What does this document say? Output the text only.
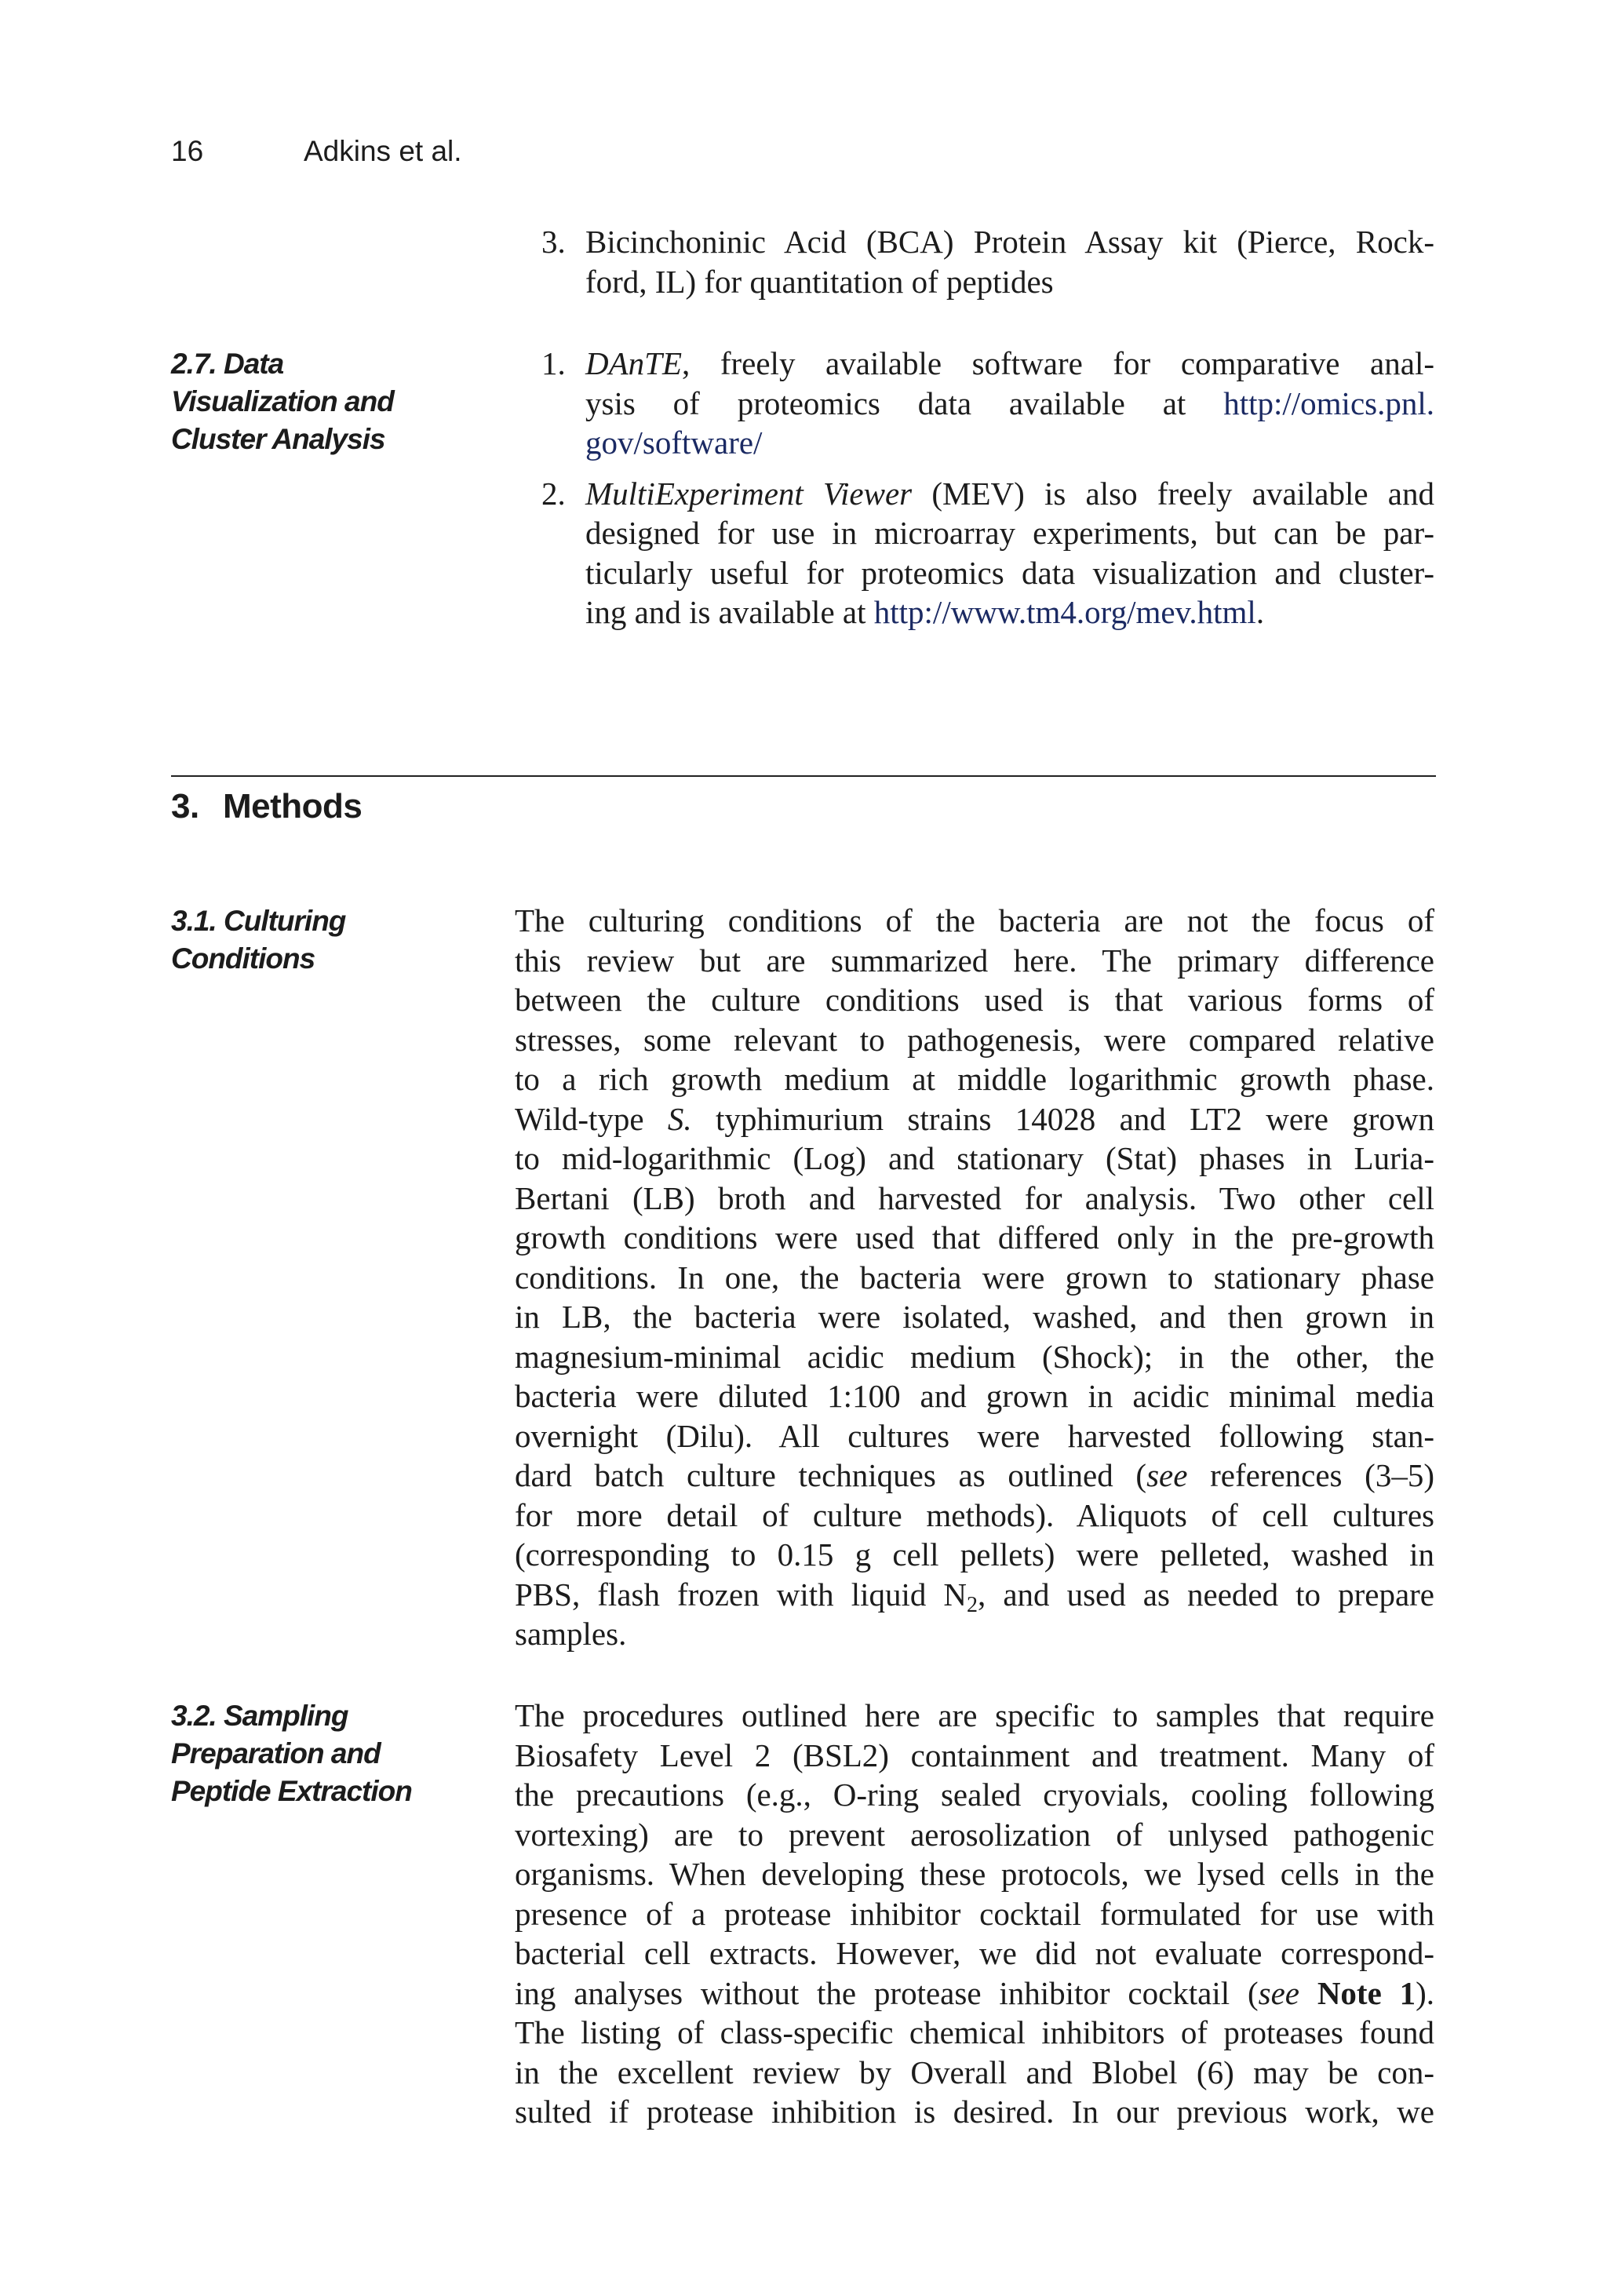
16	Adkins et al.
3. Bicinchoninic Acid (BCA) Protein Assay kit (Pierce, Rock-
ford, IL) for quantitation of peptides
2.7. Data
Visualization and
Cluster Analysis
1. DAnTE, freely available software for comparative anal-
ysis of proteomics data available at http://omics.pnl.
gov/software/
2. MultiExperiment Viewer (MEV) is also freely available and
designed for use in microarray experiments, but can be par-
ticularly useful for proteomics data visualization and cluster-
ing and is available at http://www.tm4.org/mev.html.
3. Methods
3.1. Culturing
Conditions
The culturing conditions of the bacteria are not the focus of
this review but are summarized here. The primary difference
between the culture conditions used is that various forms of
stresses, some relevant to pathogenesis, were compared relative
to a rich growth medium at middle logarithmic growth phase.
Wild-type S. typhimurium strains 14028 and LT2 were grown
to mid-logarithmic (Log) and stationary (Stat) phases in Luria-
Bertani (LB) broth and harvested for analysis. Two other cell
growth conditions were used that differed only in the pre-growth
conditions. In one, the bacteria were grown to stationary phase
in LB, the bacteria were isolated, washed, and then grown in
magnesium-minimal acidic medium (Shock); in the other, the
bacteria were diluted 1:100 and grown in acidic minimal media
overnight (Dilu). All cultures were harvested following stan-
dard batch culture techniques as outlined (see references (3–5)
for more detail of culture methods). Aliquots of cell cultures
(corresponding to 0.15 g cell pellets) were pelleted, washed in
PBS, flash frozen with liquid $N_2$, and used as needed to prepare
samples.
3.2. Sampling
Preparation and
Peptide Extraction
The procedures outlined here are specific to samples that require
Biosafety Level 2 (BSL2) containment and treatment. Many of
the precautions (e.g., O-ring sealed cryovials, cooling following
vortexing) are to prevent aerosolization of unlysed pathogenic
organisms. When developing these protocols, we lysed cells in the
presence of a protease inhibitor cocktail formulated for use with
bacterial cell extracts. However, we did not evaluate correspond-
ing analyses without the protease inhibitor cocktail (see Note 1).
The listing of class-specific chemical inhibitors of proteases found
in the excellent review by Overall and Blobel (6) may be con-
sulted if protease inhibition is desired. In our previous work, we
